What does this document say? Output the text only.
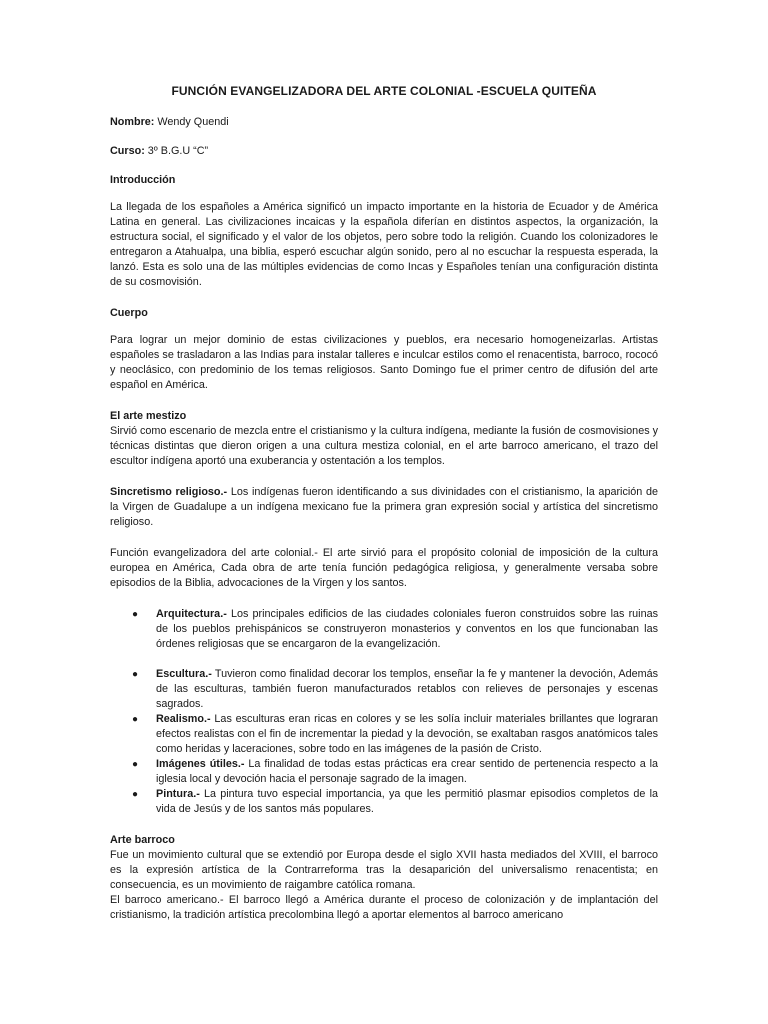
FUNCIÓN EVANGELIZADORA DEL ARTE COLONIAL -ESCUELA QUITEÑA
Nombre: Wendy Quendi
Curso: 3º B.G.U “C”
Introducción

La llegada de los españoles a América significó un impacto importante en la historia de Ecuador y de América Latina en general. Las civilizaciones incaicas y la española diferían en distintos aspectos, la organización, la estructura social, el significado y el valor de los objetos, pero sobre todo la religión. Cuando los colonizadores le entregaron a Atahualpa, una biblia, esperó escuchar algún sonido, pero al no escuchar la respuesta esperada, la lanzó. Esta es solo una de las múltiples evidencias de como Incas y Españoles tenían una configuración distinta de su cosmovisión.

Cuerpo

Para lograr un mejor dominio de estas civilizaciones y pueblos, era necesario homogeneizarlas. Artistas españoles se trasladaron a las Indias para instalar talleres e inculcar estilos como el renacentista, barroco, rococó y neoclásico, con predominio de los temas religiosos. Santo Domingo fue el primer centro de difusión del arte español en América.

El arte mestizo

Sirvió como escenario de mezcla entre el cristianismo y la cultura indígena, mediante la fusión de cosmovisiones y técnicas distintas que dieron origen a una cultura mestiza colonial, en el arte barroco americano, el trazo del escultor indígena aportó una exuberancia y ostentación a los templos.

Sincretismo religioso.- Los indígenas fueron identificando a sus divinidades con el cristianismo, la aparición de la Virgen de Guadalupe a un indígena mexicano fue la primera gran expresión social y artística del sincretismo religioso.

Función evangelizadora del arte colonial.- El arte sirvió para el propósito colonial de imposición de la cultura europea en América, Cada obra de arte tenía función pedagógica religiosa, y generalmente versaba sobre episodios de la Biblia, advocaciones de la Virgen y los santos.

● Arquitectura.- Los principales edificios de las ciudades coloniales fueron construidos sobre las ruinas de los pueblos prehispánicos se construyeron monasterios y conventos en los que funcionaban las órdenes religiosas que se encargaron de la evangelización.
● Escultura.- Tuvieron como finalidad decorar los templos, enseñar la fe y mantener la devoción, Además de las esculturas, también fueron manufacturados retablos con relieves de personajes y escenas sagrados.
● Realismo.- Las esculturas eran ricas en colores y se les solía incluir materiales brillantes que lograran efectos realistas con el fin de incrementar la piedad y la devoción, se exaltaban rasgos anatómicos tales como heridas y laceraciones, sobre todo en las imágenes de la pasión de Cristo.
● Imágenes útiles.- La finalidad de todas estas prácticas era crear sentido de pertenencia respecto a la iglesia local y devoción hacia el personaje sagrado de la imagen.
● Pintura.- La pintura tuvo especial importancia, ya que les permitió plasmar episodios completos de la vida de Jesús y de los santos más populares.
Arte barroco

Fue un movimiento cultural que se extendió por Europa desde el siglo XVII hasta mediados del XVIII, el barroco es la expresión artística de la Contrarreforma tras la desaparición del universalismo renacentista; en consecuencia, es un movimiento de raigambre católica romana.

El barroco americano.- El barroco llegó a América durante el proceso de colonización y de implantación del cristianismo, la tradición artística precolombina llegó a aportar elementos al barroco americano
